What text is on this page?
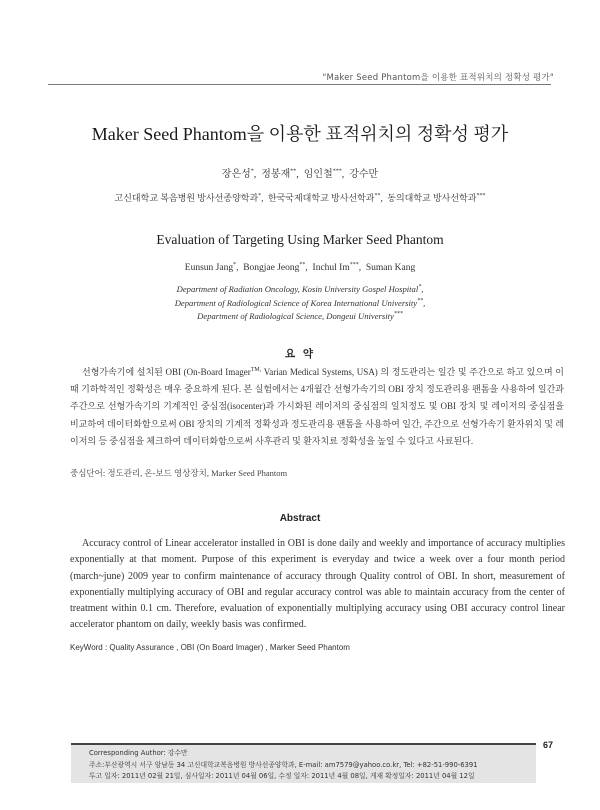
"Maker Seed Phantom을 이용한 표적위치의 정확성 평가"
Maker Seed Phantom을 이용한 표적위치의 정확성 평가
장은성*,  정봉재**,  임인철***,  강수만
고신대학교 복음병원 방사선종양학과*,  한국국제대학교 방사선학과**,  동의대학교 방사선학과***
Evaluation of Targeting Using Marker Seed Phantom
Eunsun Jang*,  Bongjae Jeong**,  Inchul Im***,  Suman Kang
Department of Radiation Oncology, Kosin University Gospel Hospital*,
Department of Radiological Science of Korea International University**,
Department of Radiological Science, Dongeui University***
요 약
선형가속기에 설치된 OBI (On-Board Imager$^{TM,}$ Varian Medical Systems, USA) 의 정도관리는 일간 및 주간으로 하고 있으며 이때 기하학적인 정확성은 매우 중요하게 된다. 본 실험에서는 4개월간 선형가속기의 OBI 장치 정도관리용 팬톰을 사용하여 일간과 주간으로 선형가속기의 기계적인 중심점(isocenter)과 가시화된 레이저의 중심점의 일치정도 및 OBI 장치 및 레이저의 중심점을 비교하여 데이터화함으로써 OBI 장치의 기계적 정확성과 정도관리용 팬톰을 사용하여 일간, 주간으로 선형가속기 환자위치 및 레이저의 등 중심점을 체크하여 데이터화함으로써 사후관리 및 환자치료 정확성을 높일 수 있다고 사료된다.
중심단어: 정도관리, 온-보드 영상장치, Marker Seed Phantom
Abstract
Accuracy control of Linear accelerator installed in OBI is done daily and weekly and importance of accuracy multiplies exponentially at that moment. Purpose of this experiment is everyday and twice a week over a four month period (march~june) 2009 year to confirm maintenance of accuracy through Quality control of OBI. In short, measurement of exponentially multiplying accuracy of OBI and regular accuracy control was able to maintain accuracy from the center of treatment within 0.1 cm. Therefore, evaluation of exponentially multiplying accuracy using OBI accuracy control linear accelerator phantom on daily, weekly basis was confirmed.
KeyWord : Quality Assurance , OBI (On Board Imager) , Marker Seed Phantom
67
Corresponding Author: 강수만
주소:부산광역시 서구 암남동 34 고신대학교복음병원 방사선종양학과, E-mail: am7579@yahoo.co.kr, Tel: +82-51-990-6391
투고 일자: 2011년 02월 21일, 심사일자: 2011년 04월 06일, 수정 일자: 2011년 4월 08일, 게재 확정일자: 2011년 04월 12일
